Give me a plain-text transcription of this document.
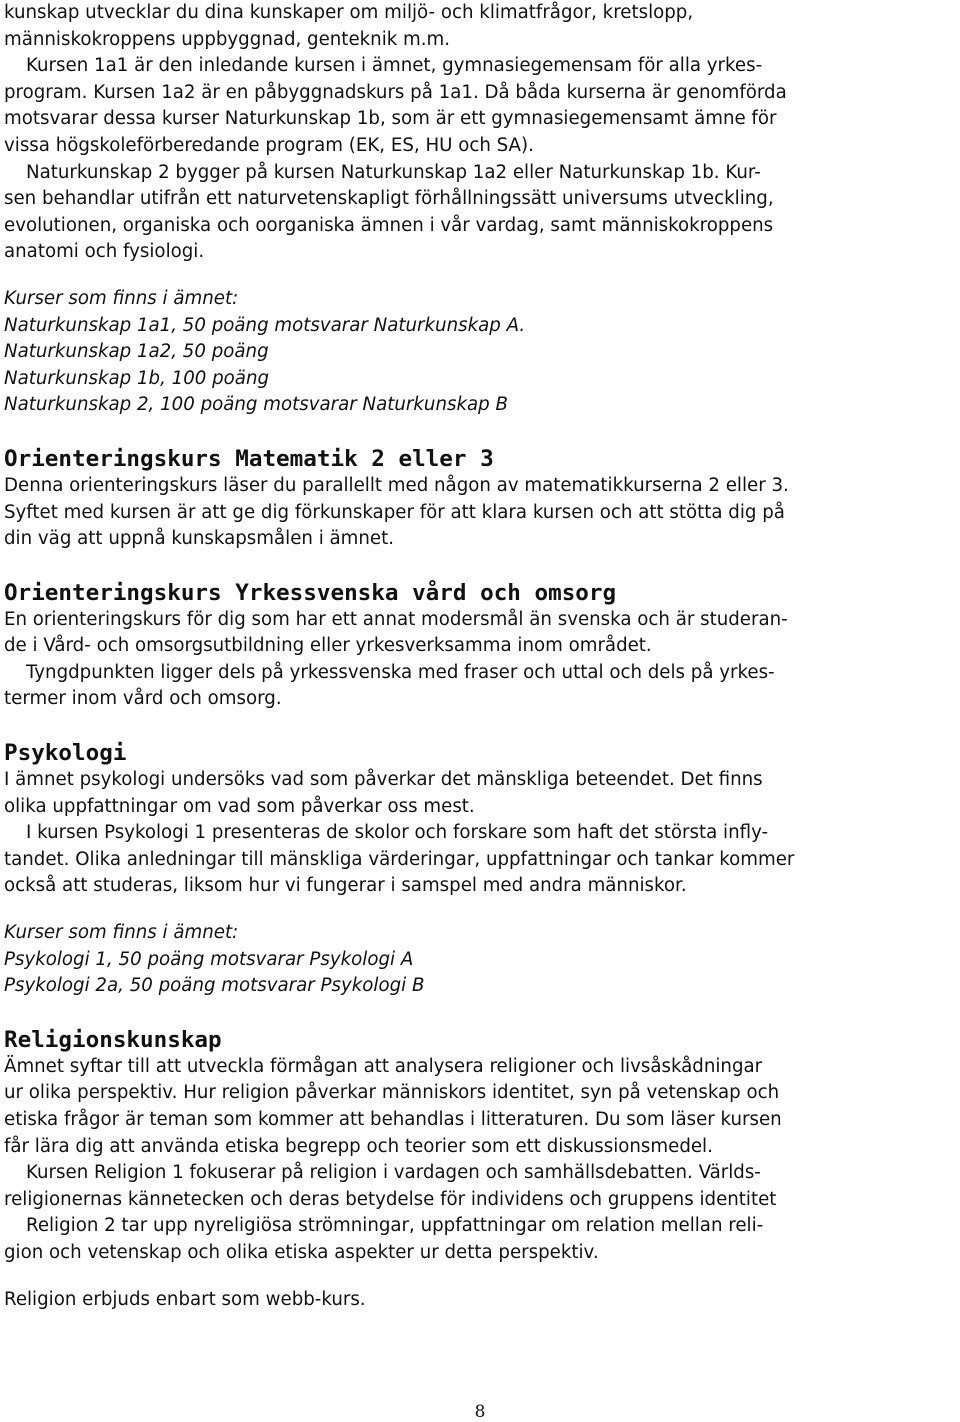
kunskap utvecklar du dina kunskaper om miljö- och klimatfrågor, kretslopp,
människokroppens uppbyggnad, genteknik m.m.
Kursen 1a1 är den inledande kursen i ämnet, gymnasiegemensam för alla yrkes-
program. Kursen 1a2 är en påbyggnadskurs på 1a1. Då båda kurserna är genomförda
motsvarar dessa kurser Naturkunskap 1b, som är ett gymnasiegemensamt ämne för
vissa högskoleförberedande program (EK, ES, HU och SA).
Naturkunskap 2 bygger på kursen Naturkunskap 1a2 eller Naturkunskap 1b. Kur-
sen behandlar utifrån ett naturvetenskapligt förhållningssätt universums utveckling,
evolutionen, organiska och oorganiska ämnen i vår vardag, samt människokroppens
anatomi och fysiologi.
Kurser som finns i ämnet:
Naturkunskap 1a1, 50 poäng motsvarar Naturkunskap A.
Naturkunskap 1a2, 50 poäng
Naturkunskap 1b, 100 poäng
Naturkunskap 2, 100 poäng motsvarar Naturkunskap B
Orienteringskurs Matematik 2 eller 3
Denna orienteringskurs läser du parallellt med någon av matematikkurserna 2 eller 3.
Syftet med kursen är att ge dig förkunskaper för att klara kursen och att stötta dig på
din väg att uppnå kunskapsmålen i ämnet.
Orienteringskurs Yrkessvenska vård och omsorg
En orienteringskurs för dig som har ett annat modersmål än svenska och är studeran-
de i Vård- och omsorgsutbildning eller yrkesverksamma inom området.
Tyngdpunkten ligger dels på yrkessvenska med fraser och uttal och dels på yrkes-
termer inom vård och omsorg.
Psykologi
I ämnet psykologi undersöks vad som påverkar det mänskliga beteendet. Det finns
olika uppfattningar om vad som påverkar oss mest.
I kursen Psykologi 1 presenteras de skolor och forskare som haft det största infly-
tandet. Olika anledningar till mänskliga värderingar, uppfattningar och tankar kommer
också att studeras, liksom hur vi fungerar i samspel med andra människor.
Kurser som finns i ämnet:
Psykologi 1, 50 poäng motsvarar Psykologi A
Psykologi 2a, 50 poäng motsvarar Psykologi B
Religionskunskap
Ämnet syftar till att utveckla förmågan att analysera religioner och livsåskådningar
ur olika perspektiv. Hur religion påverkar människors identitet, syn på vetenskap och
etiska frågor är teman som kommer att behandlas i litteraturen. Du som läser kursen
får lära dig att använda etiska begrepp och teorier som ett diskussionsmedel.
Kursen Religion 1 fokuserar på religion i vardagen och samhällsdebatten. Världs-
religionernas kännetecken och deras betydelse för individens och gruppens identitet
Religion 2 tar upp nyreligiösa strömningar, uppfattningar om relation mellan reli-
gion och vetenskap och olika etiska aspekter ur detta perspektiv.
Religion erbjuds enbart som webb-kurs.
8
